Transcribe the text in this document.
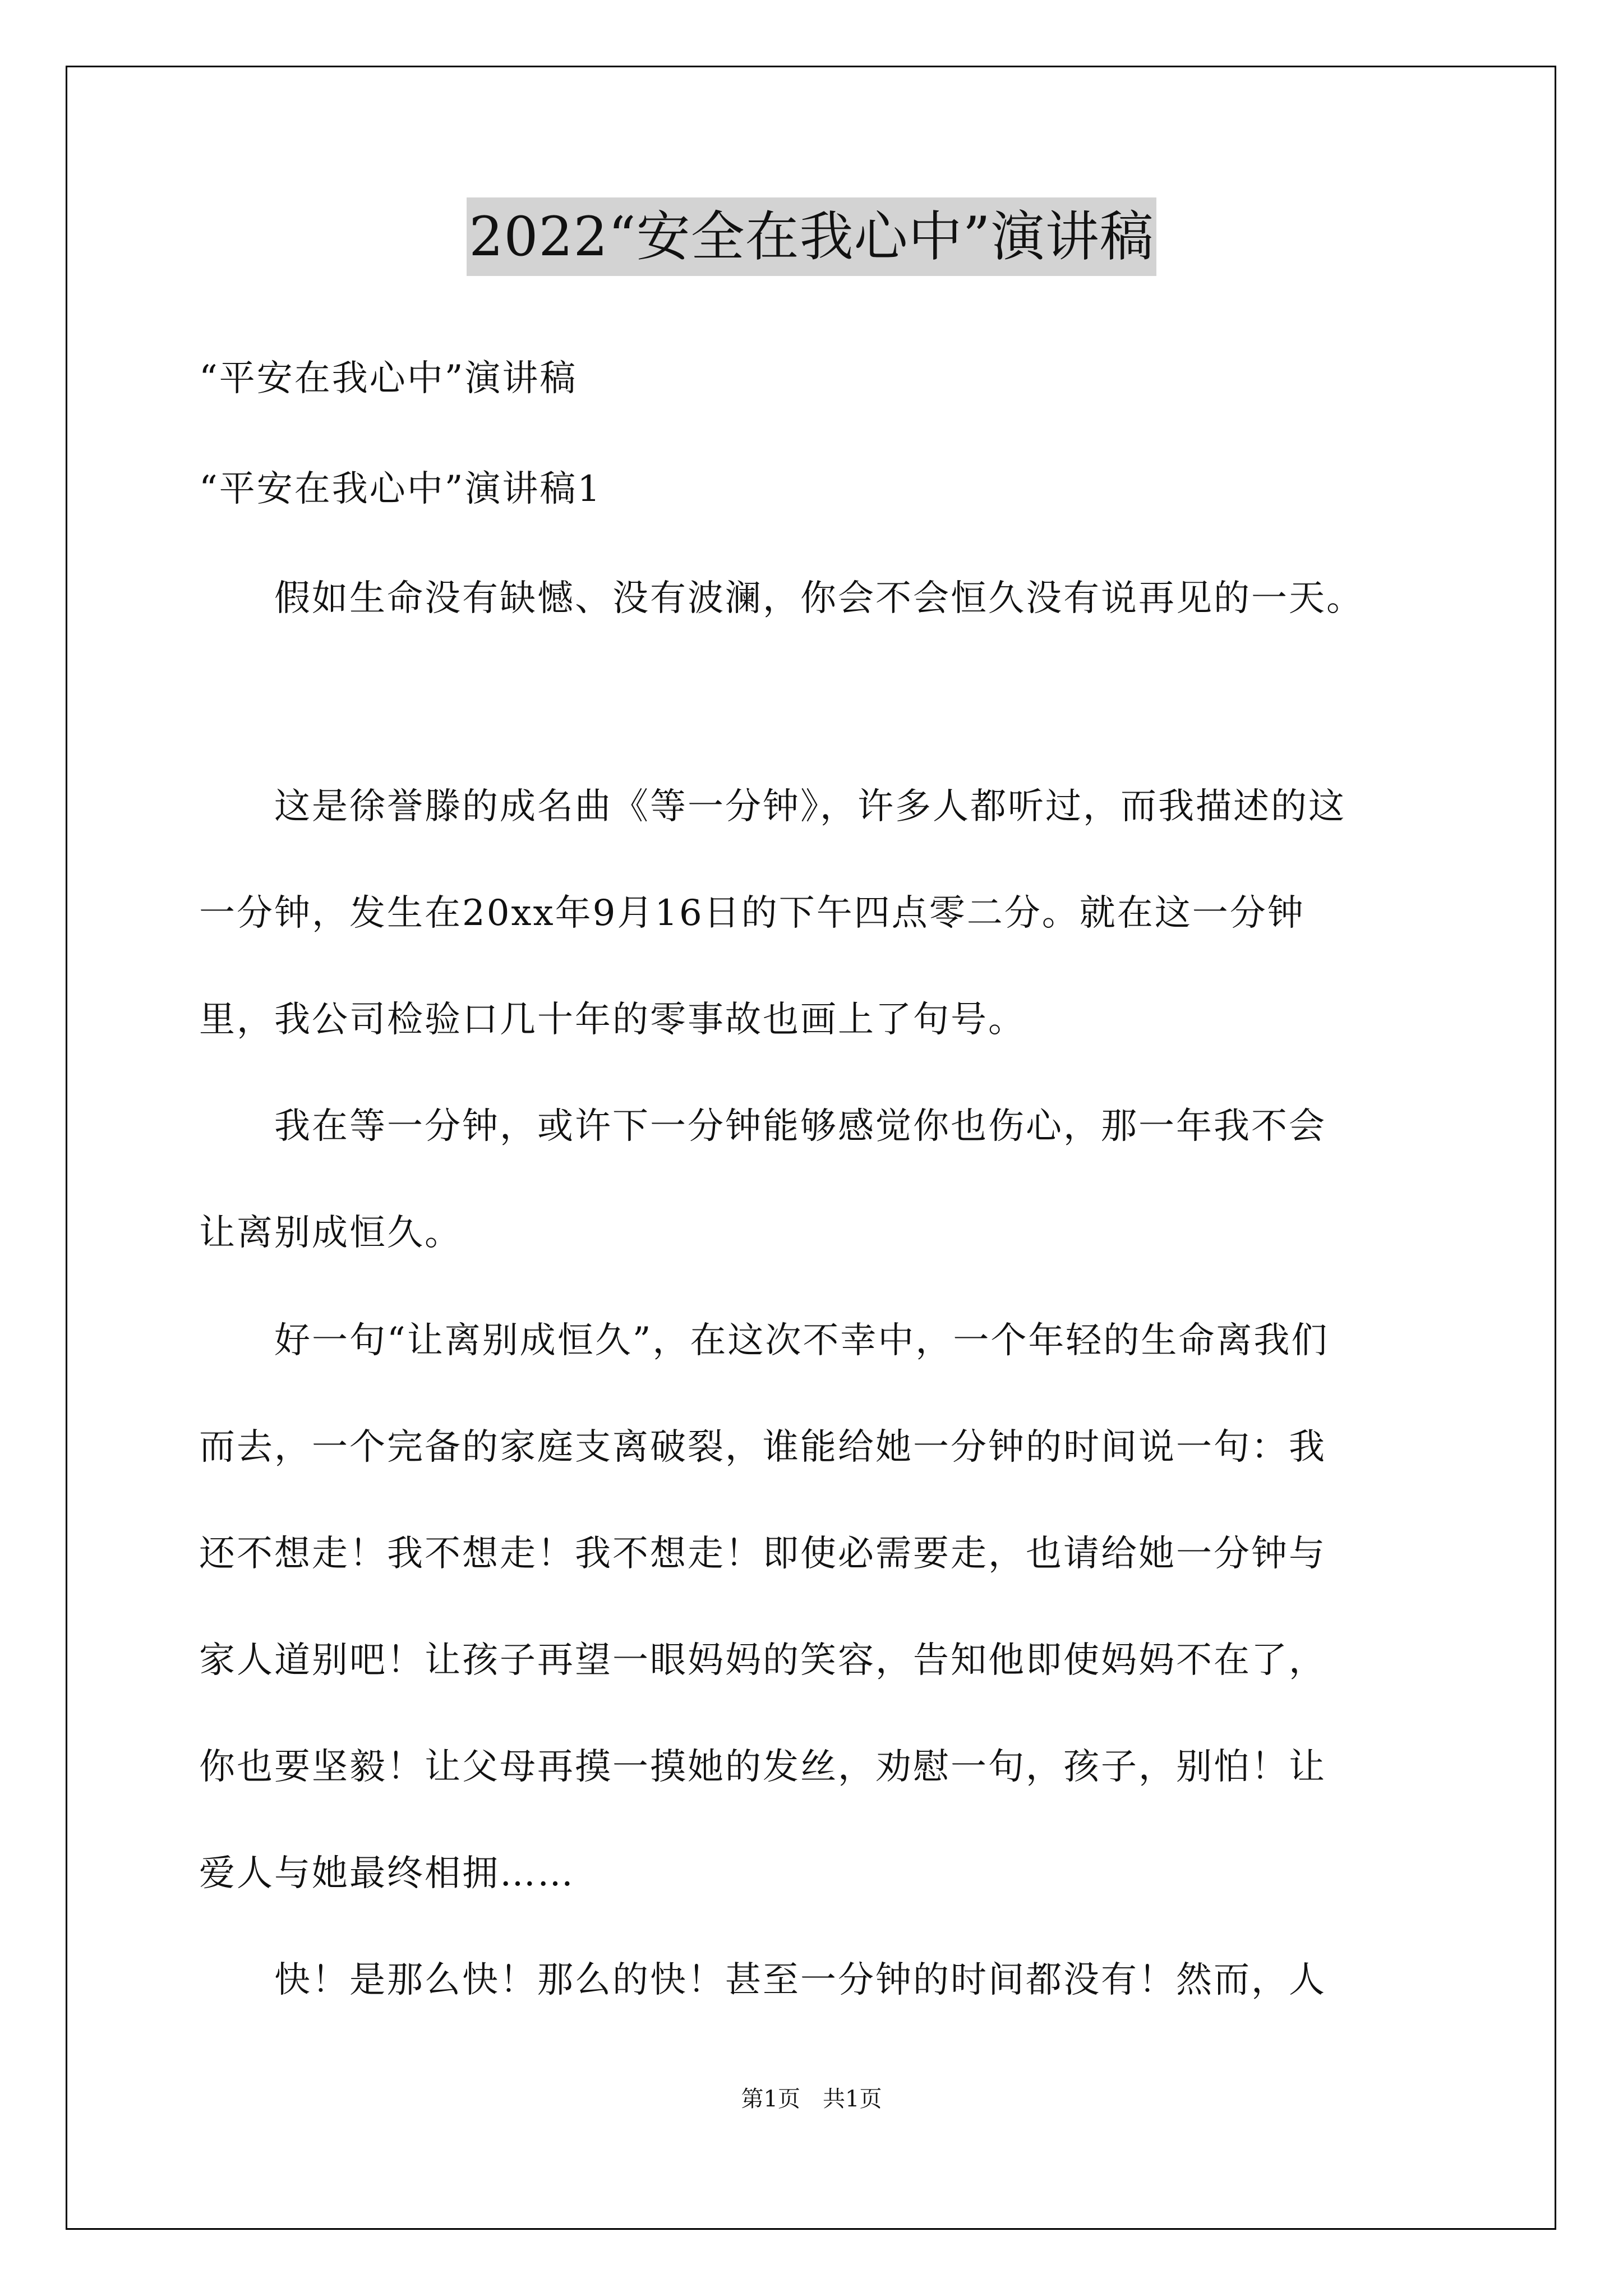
2022“安全在我心中”演讲稿
“平安在我心中”演讲稿
“平安在我心中”演讲稿1
　　假如生命没有缺憾、没有波澜，你会不会恒久没有说再见的一天。
　　这是徐誉滕的成名曲《等一分钟》，许多人都听过，而我描述的这
一分钟，发生在20xx年9月16日的下午四点零二分。就在这一分钟
里，我公司检验口几十年的零事故也画上了句号。
　　我在等一分钟，或许下一分钟能够感觉你也伤心，那一年我不会
让离别成恒久。
　　好一句“让离别成恒久”，在这次不幸中，一个年轻的生命离我们
而去，一个完备的家庭支离破裂，谁能给她一分钟的时间说一句：我
还不想走！我不想走！我不想走！即使必需要走，也请给她一分钟与
家人道别吧！让孩子再望一眼妈妈的笑容，告知他即使妈妈不在了，
你也要坚毅！让父母再摸一摸她的发丝，劝慰一句，孩子，别怕！让
爱人与她最终相拥……
　　快！是那么快！那么的快！甚至一分钟的时间都没有！然而，人
第1页 共1页
